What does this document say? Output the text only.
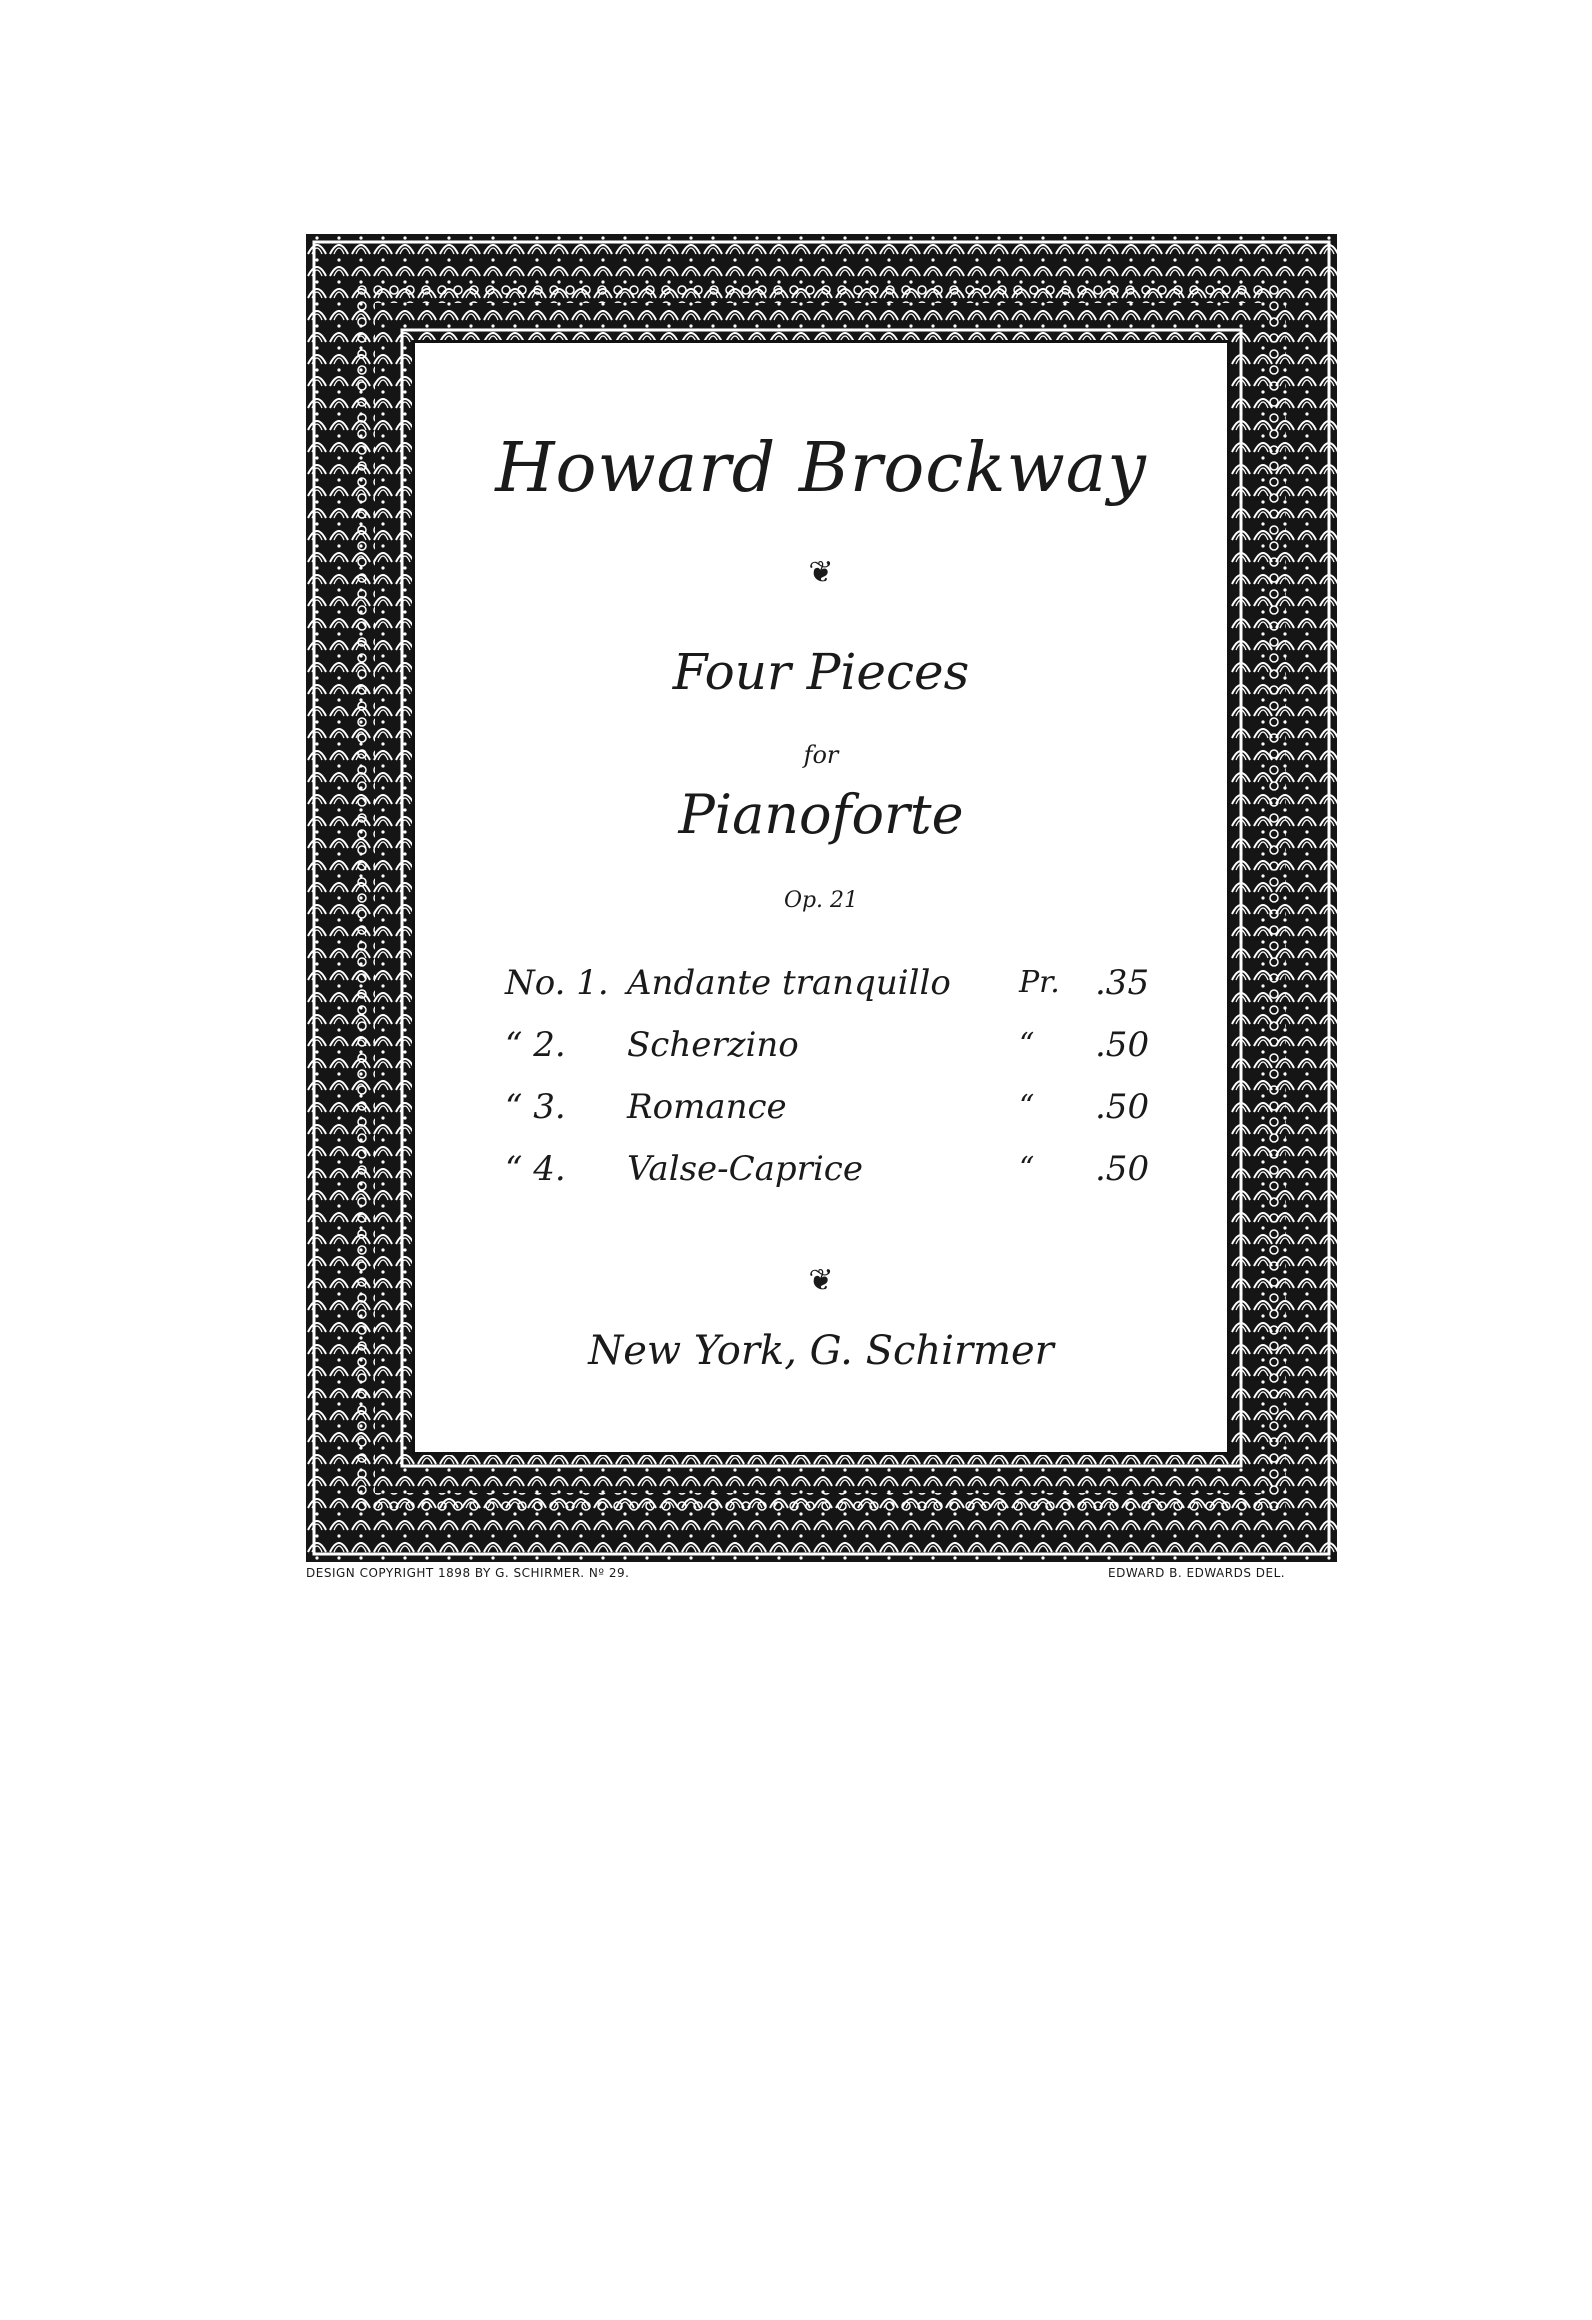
Howard Brockway
❦
Four Pieces
for
Pianoforte
Op. 21
No. 1. Andante tranquillo Pr. .35
“ 2.	Scherzino	“ .50
“ 3.	Romance	“ .50
“ 4.	Valse-Caprice	“ .50
❦
New York, G. Schirmer
DESIGN COPYRIGHT 1898 BY G. SCHIRMER. Nº 29.	EDWARD B. EDWARDS DEL.
